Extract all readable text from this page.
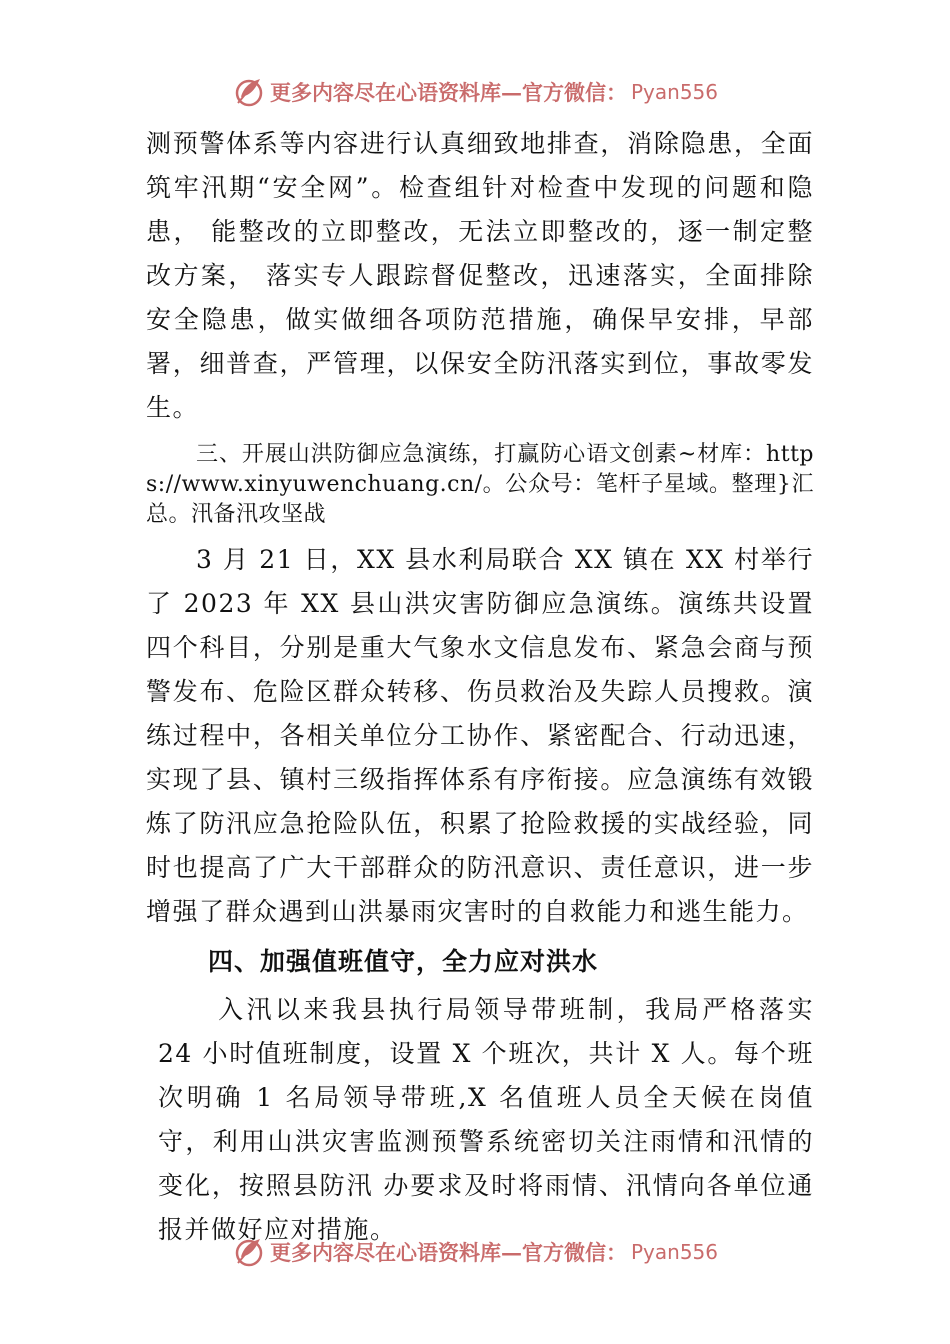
更多内容尽在心语资料库—官方微信： Pyan556

测预警体系等内容进行认真细致地排查，消除隐患，全面筑牢汛期“安全网”。检查组针对检查中发现的问题和隐患， 能整改的立即整改，无法立即整改的，逐一制定整改方案， 落实专人跟踪督促整改，迅速落实，全面排除安全隐患，做实做细各项防范措施，确保早安排，早部署，细普查，严管理，以保安全防汛落实到位，事故零发生。

三、开展山洪防御应急演练，打赢防心语文创素~材库：https://www.xinyuwenchuang.cn/。公众号：笔杆子星域。整理}汇总。汛备汛攻坚战

3 月 21 日，XX 县水利局联合 XX 镇在 XX 村举行了 2023 年 XX 县山洪灾害防御应急演练。演练共设置四个科目，分别是重大气象水文信息发布、紧急会商与预警发布、危险区群众转移、伤员救治及失踪人员搜救。演练过程中，各相关单位分工协作、紧密配合、行动迅速，实现了县、镇村三级指挥体系有序衔接。应急演练有效锻炼了防汛应急抢险队伍，积累了抢险救援的实战经验，同时也提高了广大干部群众的防汛意识、责任意识，进一步增强了群众遇到山洪暴雨灾害时的自救能力和逃生能力。

四、加强值班值守，全力应对洪水

入汛以来我县执行局领导带班制，我局严格落实 24 小时值班制度，设置 X 个班次，共计 X 人。每个班次明确 1 名局领导带班,X 名值班人员全天候在岗值守，利用山洪灾害监测预警系统密切关注雨情和汛情的变化，按照县防汛 办要求及时将雨情、汛情向各单位通报并做好应对措施。

更多内容尽在心语资料库—官方微信： Pyan556
